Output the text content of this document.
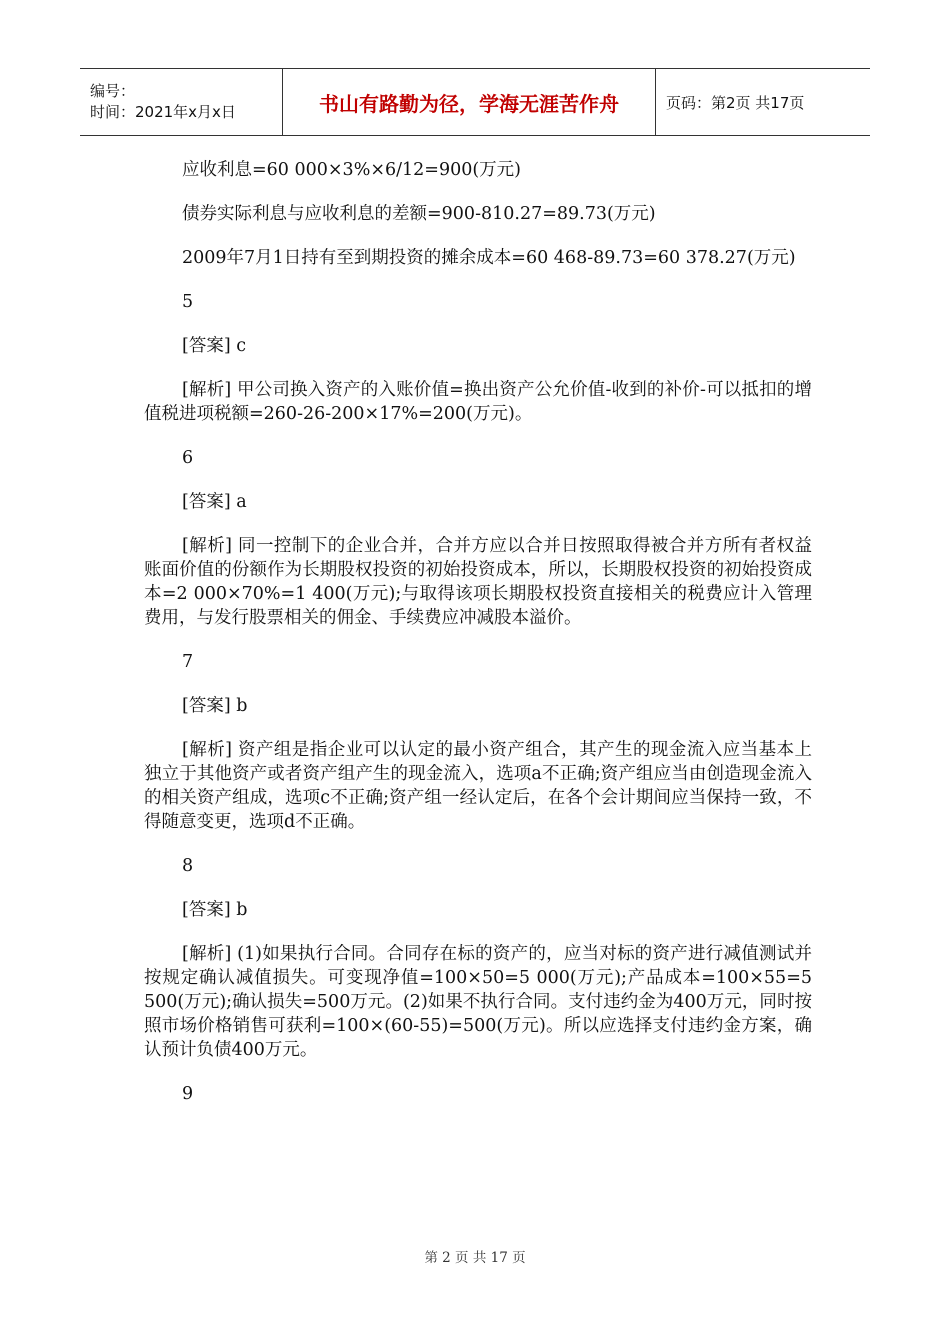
编号：
时间：2021年x月x日	书山有路勤为径，学海无涯苦作舟	页码：第2页 共17页

应收利息=60 000×3%×6/12=900(万元)

债券实际利息与应收利息的差额=900-810.27=89.73(万元)

2009年7月1日持有至到期投资的摊余成本=60 468-89.73=60 378.27(万元)

5

[答案] c

[解析] 甲公司换入资产的入账价值=换出资产公允价值-收到的补价-可以抵扣的增值税进项税额=260-26-200×17%=200(万元)。

6

[答案] a

[解析] 同一控制下的企业合并，合并方应以合并日按照取得被合并方所有者权益账面价值的份额作为长期股权投资的初始投资成本，所以，长期股权投资的初始投资成本=2 000×70%=1 400(万元);与取得该项长期股权投资直接相关的税费应计入管理费用，与发行股票相关的佣金、手续费应冲减股本溢价。

7

[答案] b

[解析] 资产组是指企业可以认定的最小资产组合，其产生的现金流入应当基本上独立于其他资产或者资产组产生的现金流入，选项a不正确;资产组应当由创造现金流入的相关资产组成，选项c不正确;资产组一经认定后，在各个会计期间应当保持一致，不得随意变更，选项d不正确。

8

[答案] b

[解析] (1)如果执行合同。合同存在标的资产的，应当对标的资产进行减值测试并按规定确认减值损失。可变现净值=100×50=5 000(万元);产品成本=100×55=5 500(万元);确认损失=500万元。(2)如果不执行合同。支付违约金为400万元，同时按照市场价格销售可获利=100×(60-55)=500(万元)。所以应选择支付违约金方案，确认预计负债400万元。

9

第 2 页 共 17 页
